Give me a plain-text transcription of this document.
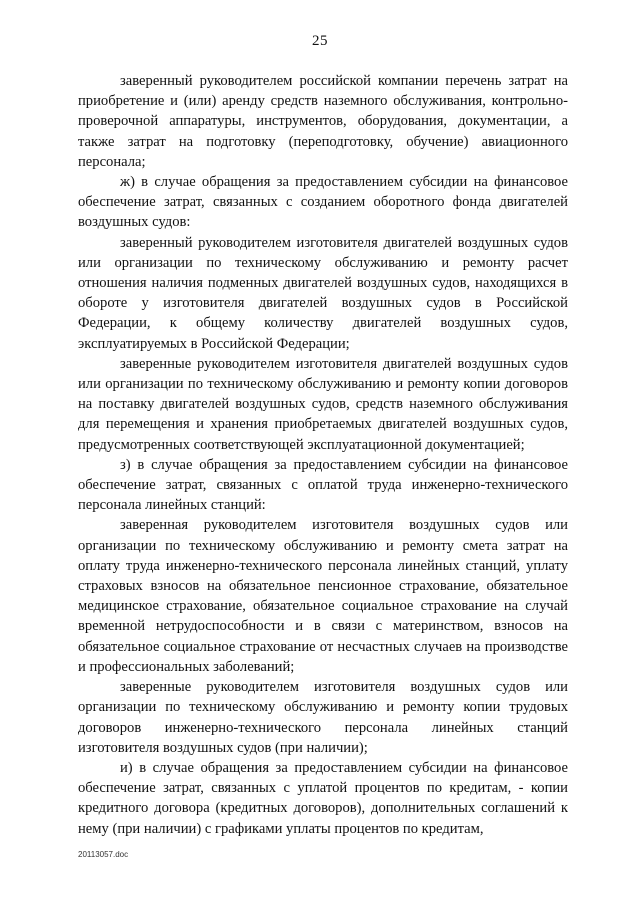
25

заверенный руководителем российской компании перечень затрат на приобретение и (или) аренду средств наземного обслуживания, контрольно-проверочной аппаратуры, инструментов, оборудования, документации, а также затрат на подготовку (переподготовку, обучение) авиационного персонала;

ж) в случае обращения за предоставлением субсидии на финансовое обеспечение затрат, связанных с созданием оборотного фонда двигателей воздушных судов:

заверенный руководителем изготовителя двигателей воздушных судов или организации по техническому обслуживанию и ремонту расчет отношения наличия подменных двигателей воздушных судов, находящихся в обороте у изготовителя двигателей воздушных судов в Российской Федерации, к общему количеству двигателей воздушных судов, эксплуатируемых в Российской Федерации;

заверенные руководителем изготовителя двигателей воздушных судов или организации по техническому обслуживанию и ремонту копии договоров на поставку двигателей воздушных судов, средств наземного обслуживания для перемещения и хранения приобретаемых двигателей воздушных судов, предусмотренных соответствующей эксплуатационной документацией;

з) в случае обращения за предоставлением субсидии на финансовое обеспечение затрат, связанных с оплатой труда инженерно-технического персонала линейных станций:

заверенная руководителем изготовителя воздушных судов или организации по техническому обслуживанию и ремонту смета затрат на оплату труда инженерно-технического персонала линейных станций, уплату страховых взносов на обязательное пенсионное страхование, обязательное медицинское страхование, обязательное социальное страхование на случай временной нетрудоспособности и в связи с материнством, взносов на обязательное социальное страхование от несчастных случаев на производстве и профессиональных заболеваний;

заверенные руководителем изготовителя воздушных судов или организации по техническому обслуживанию и ремонту копии трудовых договоров инженерно-технического персонала линейных станций изготовителя воздушных судов (при наличии);

и) в случае обращения за предоставлением субсидии на финансовое обеспечение затрат, связанных с уплатой процентов по кредитам, - копии кредитного договора (кредитных договоров), дополнительных соглашений к нему (при наличии) с графиками уплаты процентов по кредитам,

20113057.doc
